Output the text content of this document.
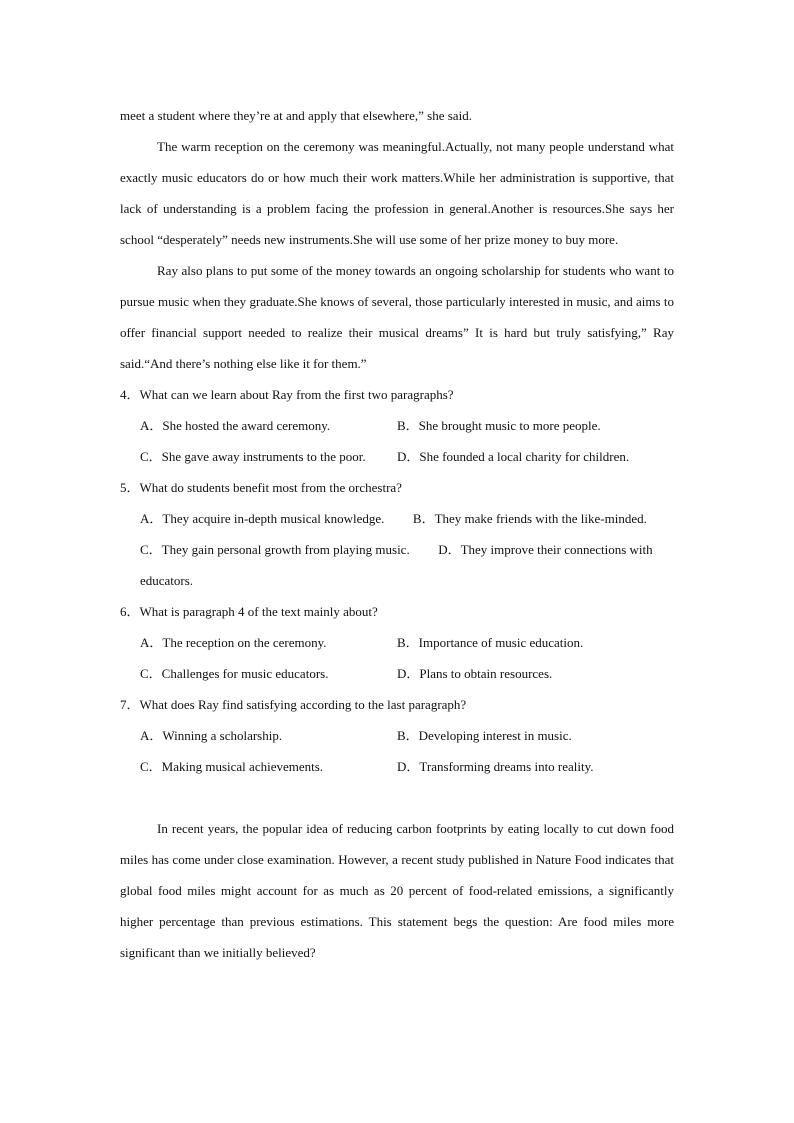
meet a student where they’re at and apply that elsewhere,” she said.

The warm reception on the ceremony was meaningful.Actually, not many people understand what exactly music educators do or how much their work matters.While her administration is supportive, that lack of understanding is a problem facing the profession in general.Another is resources.She says her school “desperately” needs new instruments.She will use some of her prize money to buy more.

Ray also plans to put some of the money towards an ongoing scholarship for students who want to pursue music when they graduate.She knows of several, those particularly interested in music, and aims to offer financial support needed to realize their musical dreams” It is hard but truly satisfying,” Ray said.“And there’s nothing else like it for them.”

4．What can we learn about Ray from the first two paragraphs?
A．She hosted the award ceremony.	B．She brought music to more people.
C．She gave away instruments to the poor.	D．She founded a local charity for children.
5．What do students benefit most from the orchestra?
A．They acquire in-depth musical knowledge. B．They make friends with the like-minded.
C．They gain personal growth from playing music. D．They improve their connections with educators.
6．What is paragraph 4 of the text mainly about?
A．The reception on the ceremony.	B．Importance of music education.
C．Challenges for music educators.	D．Plans to obtain resources.
7．What does Ray find satisfying according to the last paragraph?
A．Winning a scholarship.	B．Developing interest in music.
C．Making musical achievements.	D．Transforming dreams into reality.

In recent years, the popular idea of reducing carbon footprints by eating locally to cut down food miles has come under close examination. However, a recent study published in Nature Food indicates that global food miles might account for as much as 20 percent of food-related emissions, a significantly higher percentage than previous estimations. This statement begs the question: Are food miles more significant than we initially believed?
